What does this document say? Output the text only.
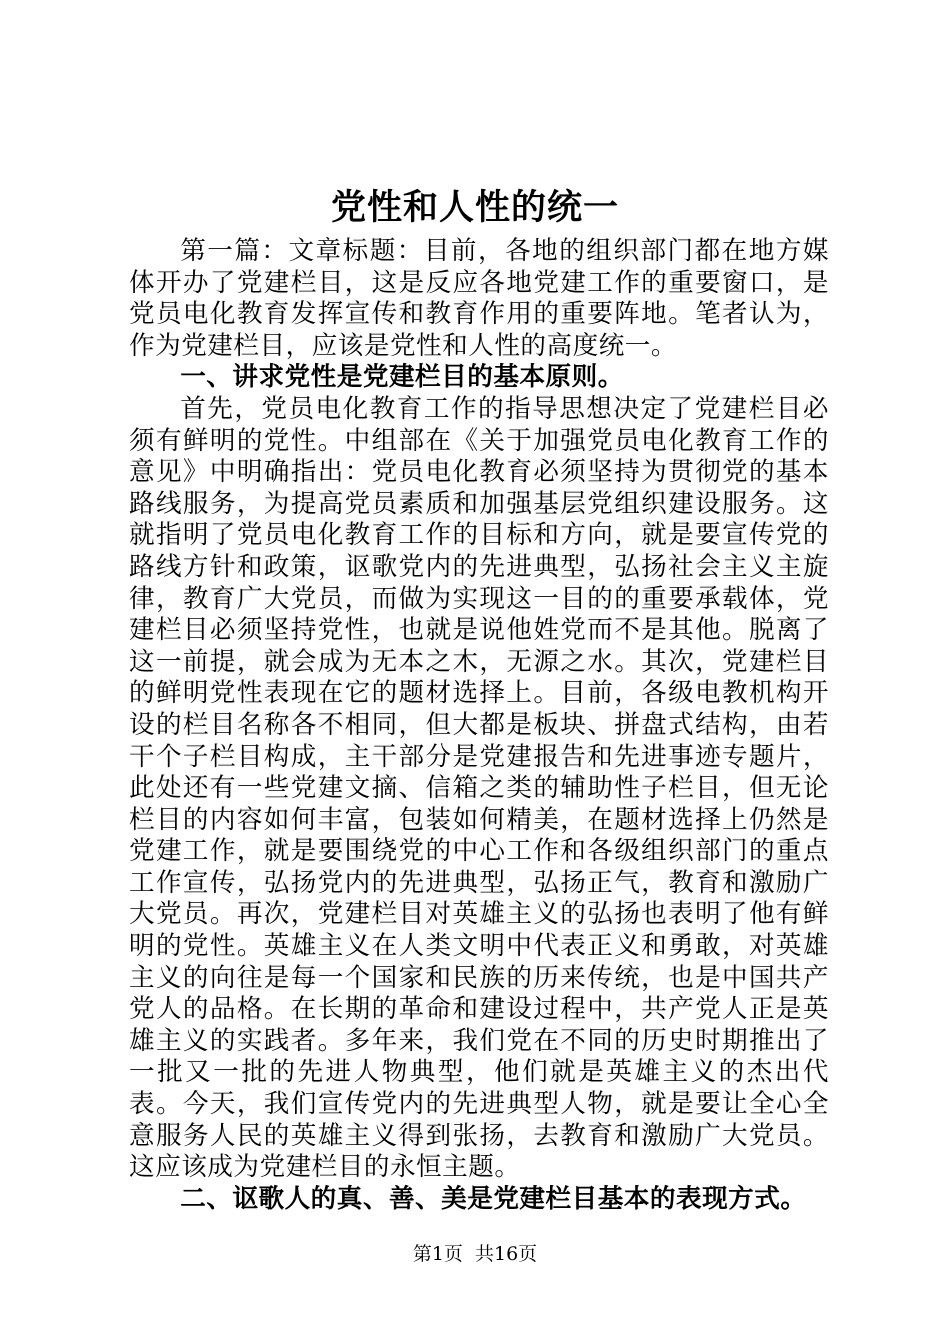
党性和人性的统一

第一篇：文章标题：目前，各地的组织部门都在地方媒体开办了党建栏目，这是反应各地党建工作的重要窗口，是党员电化教育发挥宣传和教育作用的重要阵地。笔者认为，作为党建栏目，应该是党性和人性的高度统一。

一、讲求党性是党建栏目的基本原则。

首先，党员电化教育工作的指导思想决定了党建栏目必须有鲜明的党性。中组部在《关于加强党员电化教育工作的意见》中明确指出：党员电化教育必须坚持为贯彻党的基本路线服务，为提高党员素质和加强基层党组织建设服务。这就指明了党员电化教育工作的目标和方向，就是要宣传党的路线方针和政策，讴歌党内的先进典型，弘扬社会主义主旋律，教育广大党员，而做为实现这一目的的重要承载体，党建栏目必须坚持党性，也就是说他姓党而不是其他。脱离了这一前提，就会成为无本之木，无源之水。其次，党建栏目的鲜明党性表现在它的题材选择上。目前，各级电教机构开设的栏目名称各不相同，但大都是板块、拼盘式结构，由若干个子栏目构成，主干部分是党建报告和先进事迹专题片，此处还有一些党建文摘、信箱之类的辅助性子栏目，但无论栏目的内容如何丰富，包装如何精美，在题材选择上仍然是党建工作，就是要围绕党的中心工作和各级组织部门的重点工作宣传，弘扬党内的先进典型，弘扬正气，教育和激励广大党员。再次，党建栏目对英雄主义的弘扬也表明了他有鲜明的党性。英雄主义在人类文明中代表正义和勇敢，对英雄主义的向往是每一个国家和民族的历来传统，也是中国共产党人的品格。在长期的革命和建设过程中，共产党人正是英雄主义的实践者。多年来，我们党在不同的历史时期推出了一批又一批的先进人物典型，他们就是英雄主义的杰出代表。今天，我们宣传党内的先进典型人物，就是要让全心全意服务人民的英雄主义得到张扬，去教育和激励广大党员。这应该成为党建栏目的永恒主题。

二、讴歌人的真、善、美是党建栏目基本的表现方式。

第1页 共16页
